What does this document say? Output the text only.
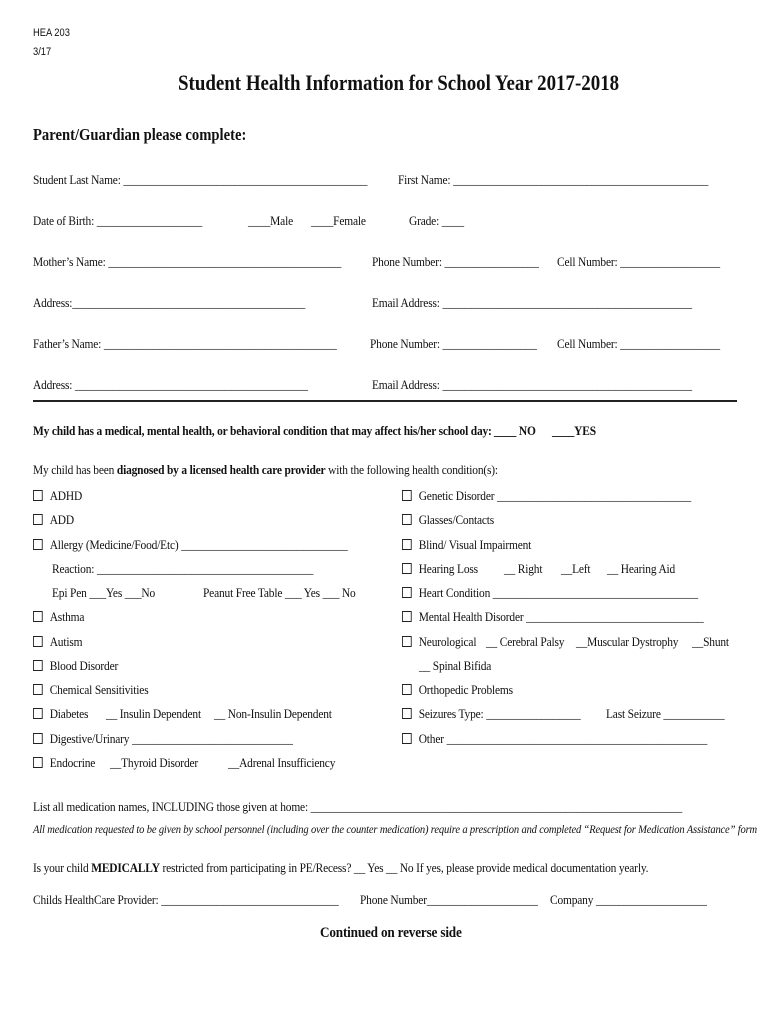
HEA 203
3/17
Student Health Information for School Year 2017-2018
Parent/Guardian please complete:
Student Last Name: ____________________________________________ First Name: ______________________________________________
Date of Birth: ___________________	____Male ____Female	Grade: ____
Mother’s Name: __________________________________________ Phone Number: _________________ Cell Number: __________________
Address:__________________________________________	Email Address: _____________________________________________
Father’s Name: __________________________________________	Phone Number: _________________ Cell Number: __________________
Address: __________________________________________	Email Address: _____________________________________________
My child has a medical, mental health, or behavioral condition that may affect his/her school day: ____ NO ____YES
My child has been diagnosed by a licensed health care provider with the following health condition(s):
ADHD
ADD
Allergy (Medicine/Food/Etc) ______________________________
Reaction: _______________________________________
Epi Pen ___Yes ___No	Peanut Free Table ___ Yes ___ No
Asthma
Autism
Blood Disorder
Chemical Sensitivities
Diabetes __ Insulin Dependent __ Non-Insulin Dependent
Digestive/Urinary _____________________________
Endocrine __Thyroid Disorder __Adrenal Insufficiency
Genetic Disorder ___________________________________
Glasses/Contacts
Blind/ Visual Impairment
Hearing Loss __ Right __Left __ Hearing Aid
Heart Condition _____________________________________
Mental Health Disorder ________________________________
Neurological __ Cerebral Palsy __Muscular Dystrophy __Shunt
__ Spinal Bifida
Orthopedic Problems
Seizures Type: _________________ Last Seizure ___________
Other _______________________________________________
List all medication names, INCLUDING those given at home: ___________________________________________________________________
All medication requested to be given by school personnel (including over the counter medication) require a prescription and completed “Request for Medication Assistance” form
Is your child MEDICALLY restricted from participating in PE/Recess? __ Yes __ No If yes, please provide medical documentation yearly.
Childs HealthCare Provider: ________________________________ Phone Number____________________ Company ____________________
Continued on reverse side
